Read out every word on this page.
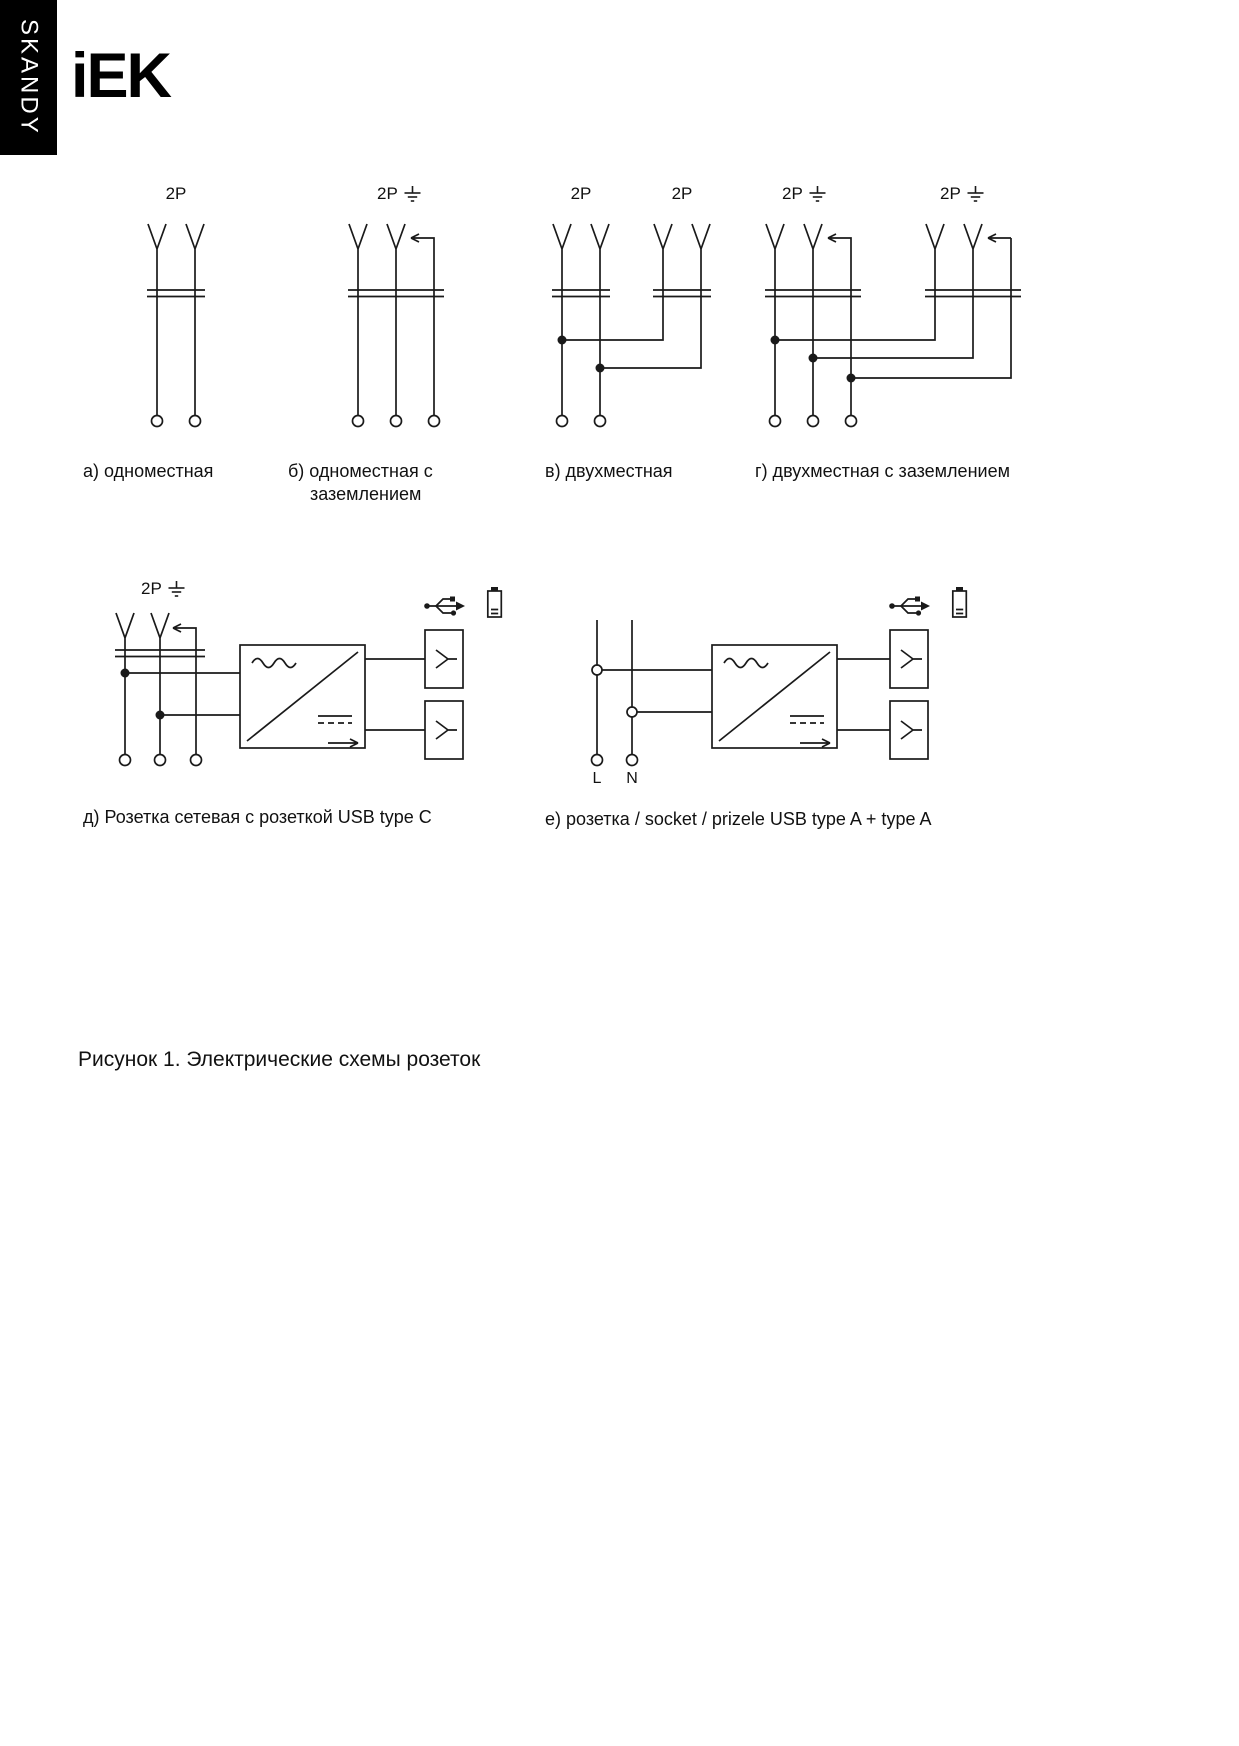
SKANDY iEK
2P	2P	2P	2P	2P	2P
2P
L N
а) одноместная	б) одноместная с
заземлением
в) двухместная	г) двухместная с заземлением
д) Розетка сетевая с розеткой USB type C	е) розетка / socket / prizele USB type A + type A
Рисунок 1. Электрические схемы розеток
